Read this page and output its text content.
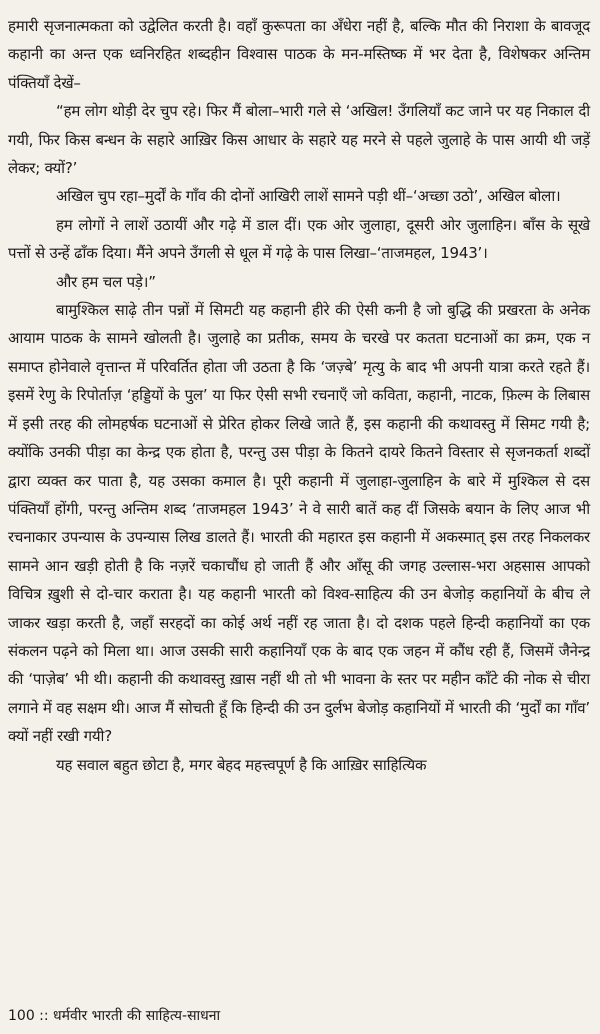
हमारी सृजनात्मकता को उद्वेलित करती है। वहाँ कुरूपता का अँधेरा नहीं है, बल्कि मौत की निराशा के बावजूद कहानी का अन्त एक ध्वनिरहित शब्दहीन विश्वास पाठक के मन-मस्तिष्क में भर देता है, विशेषकर अन्तिम पंक्तियाँ देखें–

“हम लोग थोड़ी देर चुप रहे। फिर मैं बोला–भारी गले से ‘अखिल! उँगलियाँ कट जाने पर यह निकाल दी गयी, फिर किस बन्धन के सहारे आख़िर किस आधार के सहारे यह मरने से पहले जुलाहे के पास आयी थी जड़ें लेकर; क्यों?’

अखिल चुप रहा–मुर्दों के गाँव की दोनों आखिरी लाशें सामने पड़ी थीं–‘अच्छा उठो’, अखिल बोला।

हम लोगों ने लाशें उठायीं और गढ़े में डाल दीं। एक ओर जुलाहा, दूसरी ओर जुलाहिन। बाँस के सूखे पत्तों से उन्हें ढाँक दिया। मैंने अपने उँगली से धूल में गढ़े के पास लिखा–‘ताजमहल, 1943’।

और हम चल पड़े।”

बामुश्किल साढ़े तीन पन्नों में सिमटी यह कहानी हीरे की ऐसी कनी है जो बुद्धि की प्रखरता के अनेक आयाम पाठक के सामने खोलती है। जुलाहे का प्रतीक, समय के चरखे पर कतता घटनाओं का क्रम, एक न समाप्त होनेवाले वृत्तान्त में परिवर्तित होता जी उठता है कि ‘जज़्बे’ मृत्यु के बाद भी अपनी यात्रा करते रहते हैं। इसमें रेणु के रिपोर्ताज़ ‘हड्डियों के पुल’ या फिर ऐसी सभी रचनाएँ जो कविता, कहानी, नाटक, फ़िल्म के लिबास में इसी तरह की लोमहर्षक घटनाओं से प्रेरित होकर लिखे जाते हैं, इस कहानी की कथावस्तु में सिमट गयी है; क्योंकि उनकी पीड़ा का केन्द्र एक होता है, परन्तु उस पीड़ा के कितने दायरे कितने विस्तार से सृजनकर्ता शब्दों द्वारा व्यक्त कर पाता है, यह उसका कमाल है। पूरी कहानी में जुलाहा-जुलाहिन के बारे में मुश्किल से दस पंक्तियाँ होंगी, परन्तु अन्तिम शब्द ‘ताजमहल 1943’ ने वे सारी बातें कह दीं जिसके बयान के लिए आज भी रचनाकार उपन्यास के उपन्यास लिख डालते हैं। भारती की महारत इस कहानी में अकस्मात् इस तरह निकलकर सामने आन खड़ी होती है कि नज़रें चकाचौंध हो जाती हैं और आँसू की जगह उल्लास-भरा अहसास आपको विचित्र ख़ुशी से दो-चार कराता है। यह कहानी भारती को विश्व-साहित्य की उन बेजोड़ कहानियों के बीच ले जाकर खड़ा करती है, जहाँ सरहदों का कोई अर्थ नहीं रह जाता है। दो दशक पहले हिन्दी कहानियों का एक संकलन पढ़ने को मिला था। आज उसकी सारी कहानियाँ एक के बाद एक जहन में कौंध रही हैं, जिसमें जैनेन्द्र की ‘पाज़ेब’ भी थी। कहानी की कथावस्तु ख़ास नहीं थी तो भी भावना के स्तर पर महीन काँटे की नोक से चीरा लगाने में वह सक्षम थी। आज मैं सोचती हूँ कि हिन्दी की उन दुर्लभ बेजोड़ कहानियों में भारती की ‘मुर्दों का गाँव’ क्यों नहीं रखी गयी?

यह सवाल बहुत छोटा है, मगर बेहद महत्त्वपूर्ण है कि आख़िर साहित्यिक

100 :: धर्मवीर भारती की साहित्य-साधना
